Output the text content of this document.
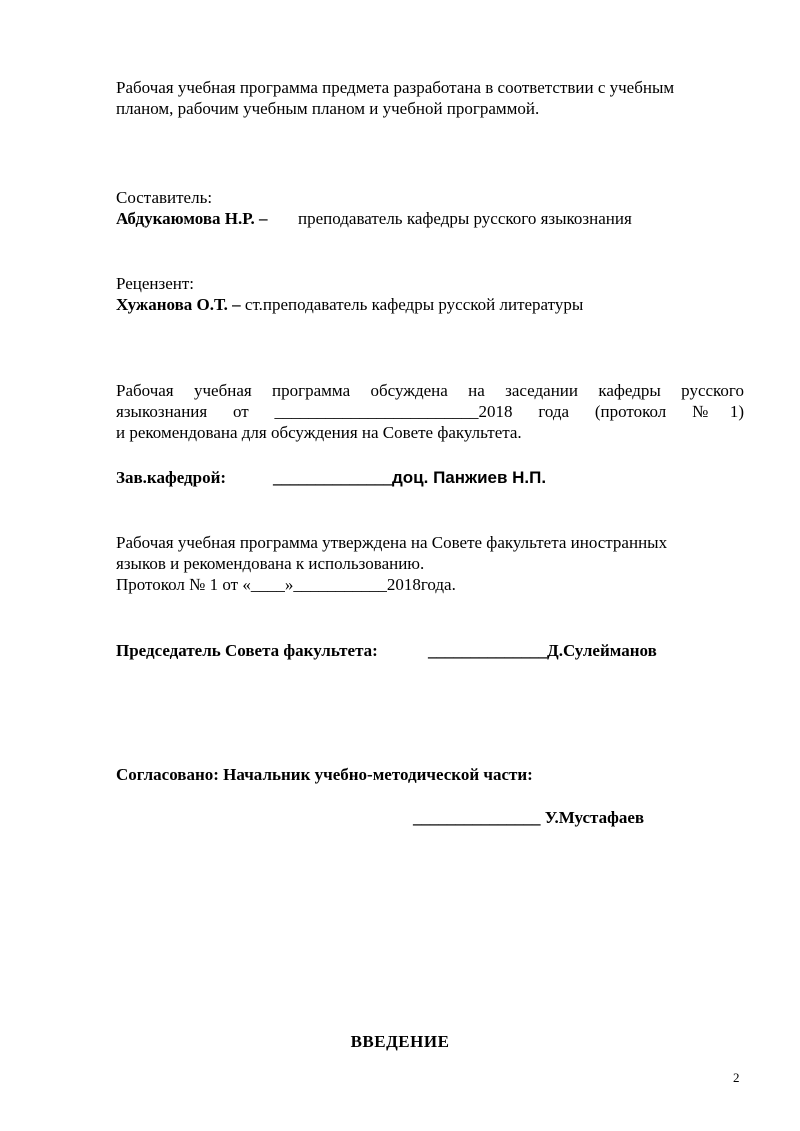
Рабочая учебная программа предмета разработана в соответствии с учебным
планом, рабочим учебным планом и учебной программой.
Составитель:
Абдукаюмова Н.Р. – преподаватель кафедры русского языкознания
Рецензент:
Хужанова О.Т. – ст.преподаватель кафедры русской литературы
Рабочая учебная программа обсуждена на заседании кафедры русского
языкознания от ________________________2018 года (протокол №1)
и рекомендована для обсуждения на Совете факультета.
Зав.кафедрой:	______________доц. Панжиев Н.П.
Рабочая учебная программа утверждена на Совете факультета иностранных
языков и рекомендована к использованию.
Протокол № 1 от «____»___________2018года.
Председатель Совета факультета:	______________Д.Сулейманов
Согласовано: Начальник учебно-методической части:
_______________ У.Мустафаев
ВВЕДЕНИЕ
2
